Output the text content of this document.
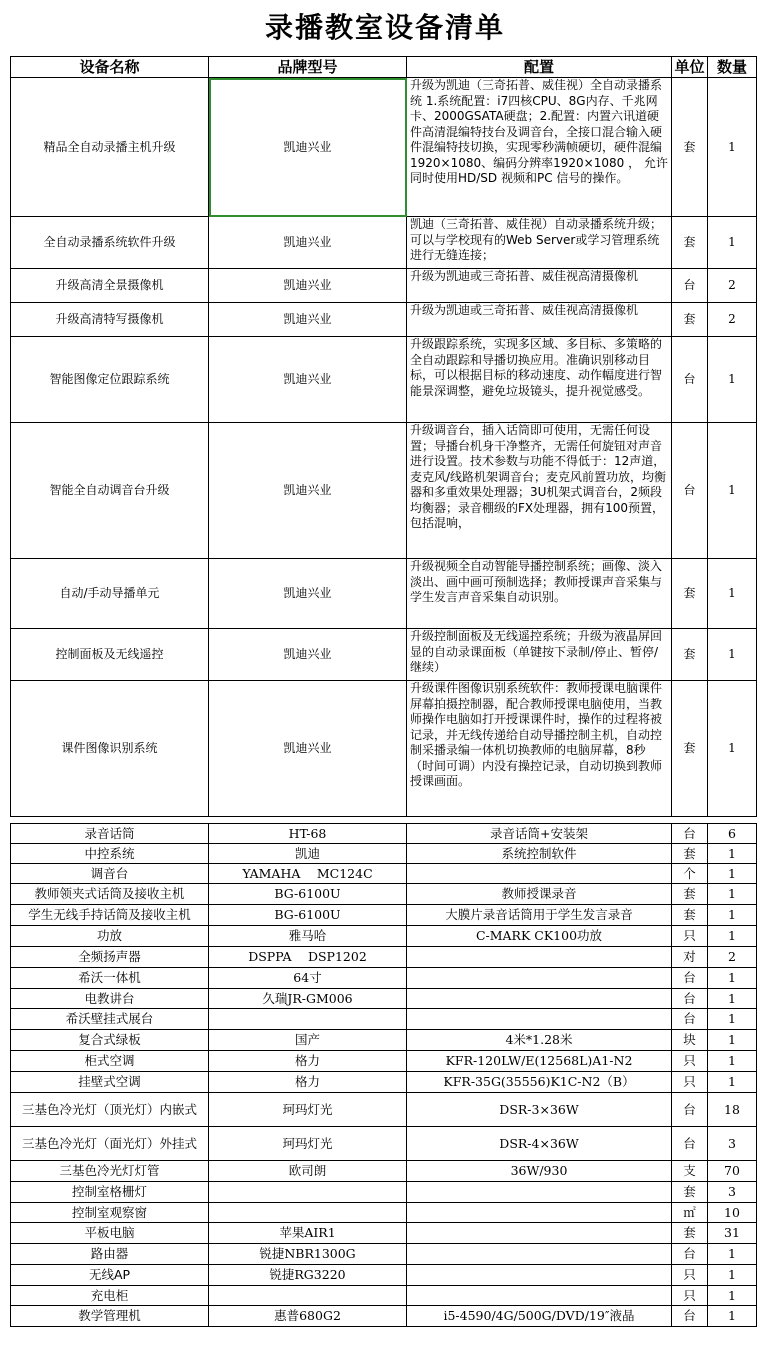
录播教室设备清单
设备名称	品牌型号	配置	单位	数量
精品全自动录播主机升级	凯迪兴业	升级为凯迪（三奇拓普、威佳视）全自动录播系统 1.系统配置：i7四核CPU、8G内存、千兆网卡、2000GSATA硬盘；2.配置：内置六讯道硬件高清混编特技台及调音台，全接口混合输入硬件混编特技切换，实现零秒满帧硬切，硬件混编1920×1080、编码分辨率1920×1080 ， 允许同时使用HD/SD 视频和PC 信号的操作。	套	1
全自动录播系统软件升级	凯迪兴业	凯迪（三奇拓普、威佳视）自动录播系统升级；可以与学校现有的Web Server或学习管理系统进行无缝连接；	套	1
升级高清全景摄像机	凯迪兴业	升级为凯迪或三奇拓普、威佳视高清摄像机	台	2
升级高清特写摄像机	凯迪兴业	升级为凯迪或三奇拓普、威佳视高清摄像机	套	2
智能图像定位跟踪系统	凯迪兴业	升级跟踪系统，实现多区域、多目标、多策略的全自动跟踪和导播切换应用。准确识别移动目标，可以根据目标的移动速度、动作幅度进行智能景深调整，避免垃圾镜头，提升视觉感受。	台	1
智能全自动调音台升级	凯迪兴业	升级调音台，插入话筒即可使用，无需任何设置；导播台机身干净整齐，无需任何旋钮对声音进行设置。技术参数与功能不得低于：12声道，麦克风/线路机架调音台；麦克风前置功放，均衡器和多重效果处理器；3U机架式调音台，2频段均衡器；录音棚级的FX处理器，拥有100预置，包括混响，	台	1
自动/手动导播单元	凯迪兴业	升级视频全自动智能导播控制系统；画像、淡入淡出、画中画可预制选择；教师授课声音采集与学生发言声音采集自动识别。	套	1
控制面板及无线遥控	凯迪兴业	升级控制面板及无线遥控系统；升级为液晶屏回显的自动录课面板（单键按下录制/停止、暂停/继续）	套	1
课件图像识别系统	凯迪兴业	升级课件图像识别系统软件：教师授课电脑课件屏幕拍摄控制器，配合教师授课电脑使用，当教师操作电脑如打开授课课件时，操作的过程将被记录，并无线传递给自动导播控制主机，自动控制采播录编一体机切换教师的电脑屏幕，8秒（时间可调）内没有操控记录，自动切换到教师授课画面。	套	1
录音话筒	HT-68	录音话筒+安装架	台	6
中控系统	凯迪	系统控制软件	套	1
调音台	YAMAHA　 MC124C		个	1
教师领夹式话筒及接收主机	BG-6100U	教师授课录音	套	1
学生无线手持话筒及接收主机	BG-6100U	大膜片录音话筒用于学生发言录音	套	1
功放	雅马哈	C-MARK CK100功放	只	1
全频扬声器	DSPPA　 DSP1202		对	2
希沃一体机	64寸		台	1
电教讲台	久瑞JR-GM006		台	1
希沃壁挂式展台			台	1
复合式绿板	国产	4米*1.28米	块	1
柜式空调	格力	KFR-120LW/E(12568L)A1-N2	只	1
挂壁式空调	格力	KFR-35G(35556)K1C-N2（B）	只	1
三基色冷光灯（顶光灯）内嵌式	珂玛灯光	DSR-3×36W	台	18
三基色冷光灯（面光灯）外挂式	珂玛灯光	DSR-4×36W	台	3
三基色冷光灯灯管	欧司朗	36W/930	支	70
控制室格栅灯			套	3
控制室观察窗			㎡	10
平板电脑	苹果AIR1		套	31
路由器	锐捷NBR1300G		台	1
无线AP	锐捷RG3220		只	1
充电柜			只	1
教学管理机	惠普680G2	i5-4590/4G/500G/DVD/19″液晶	台	1
